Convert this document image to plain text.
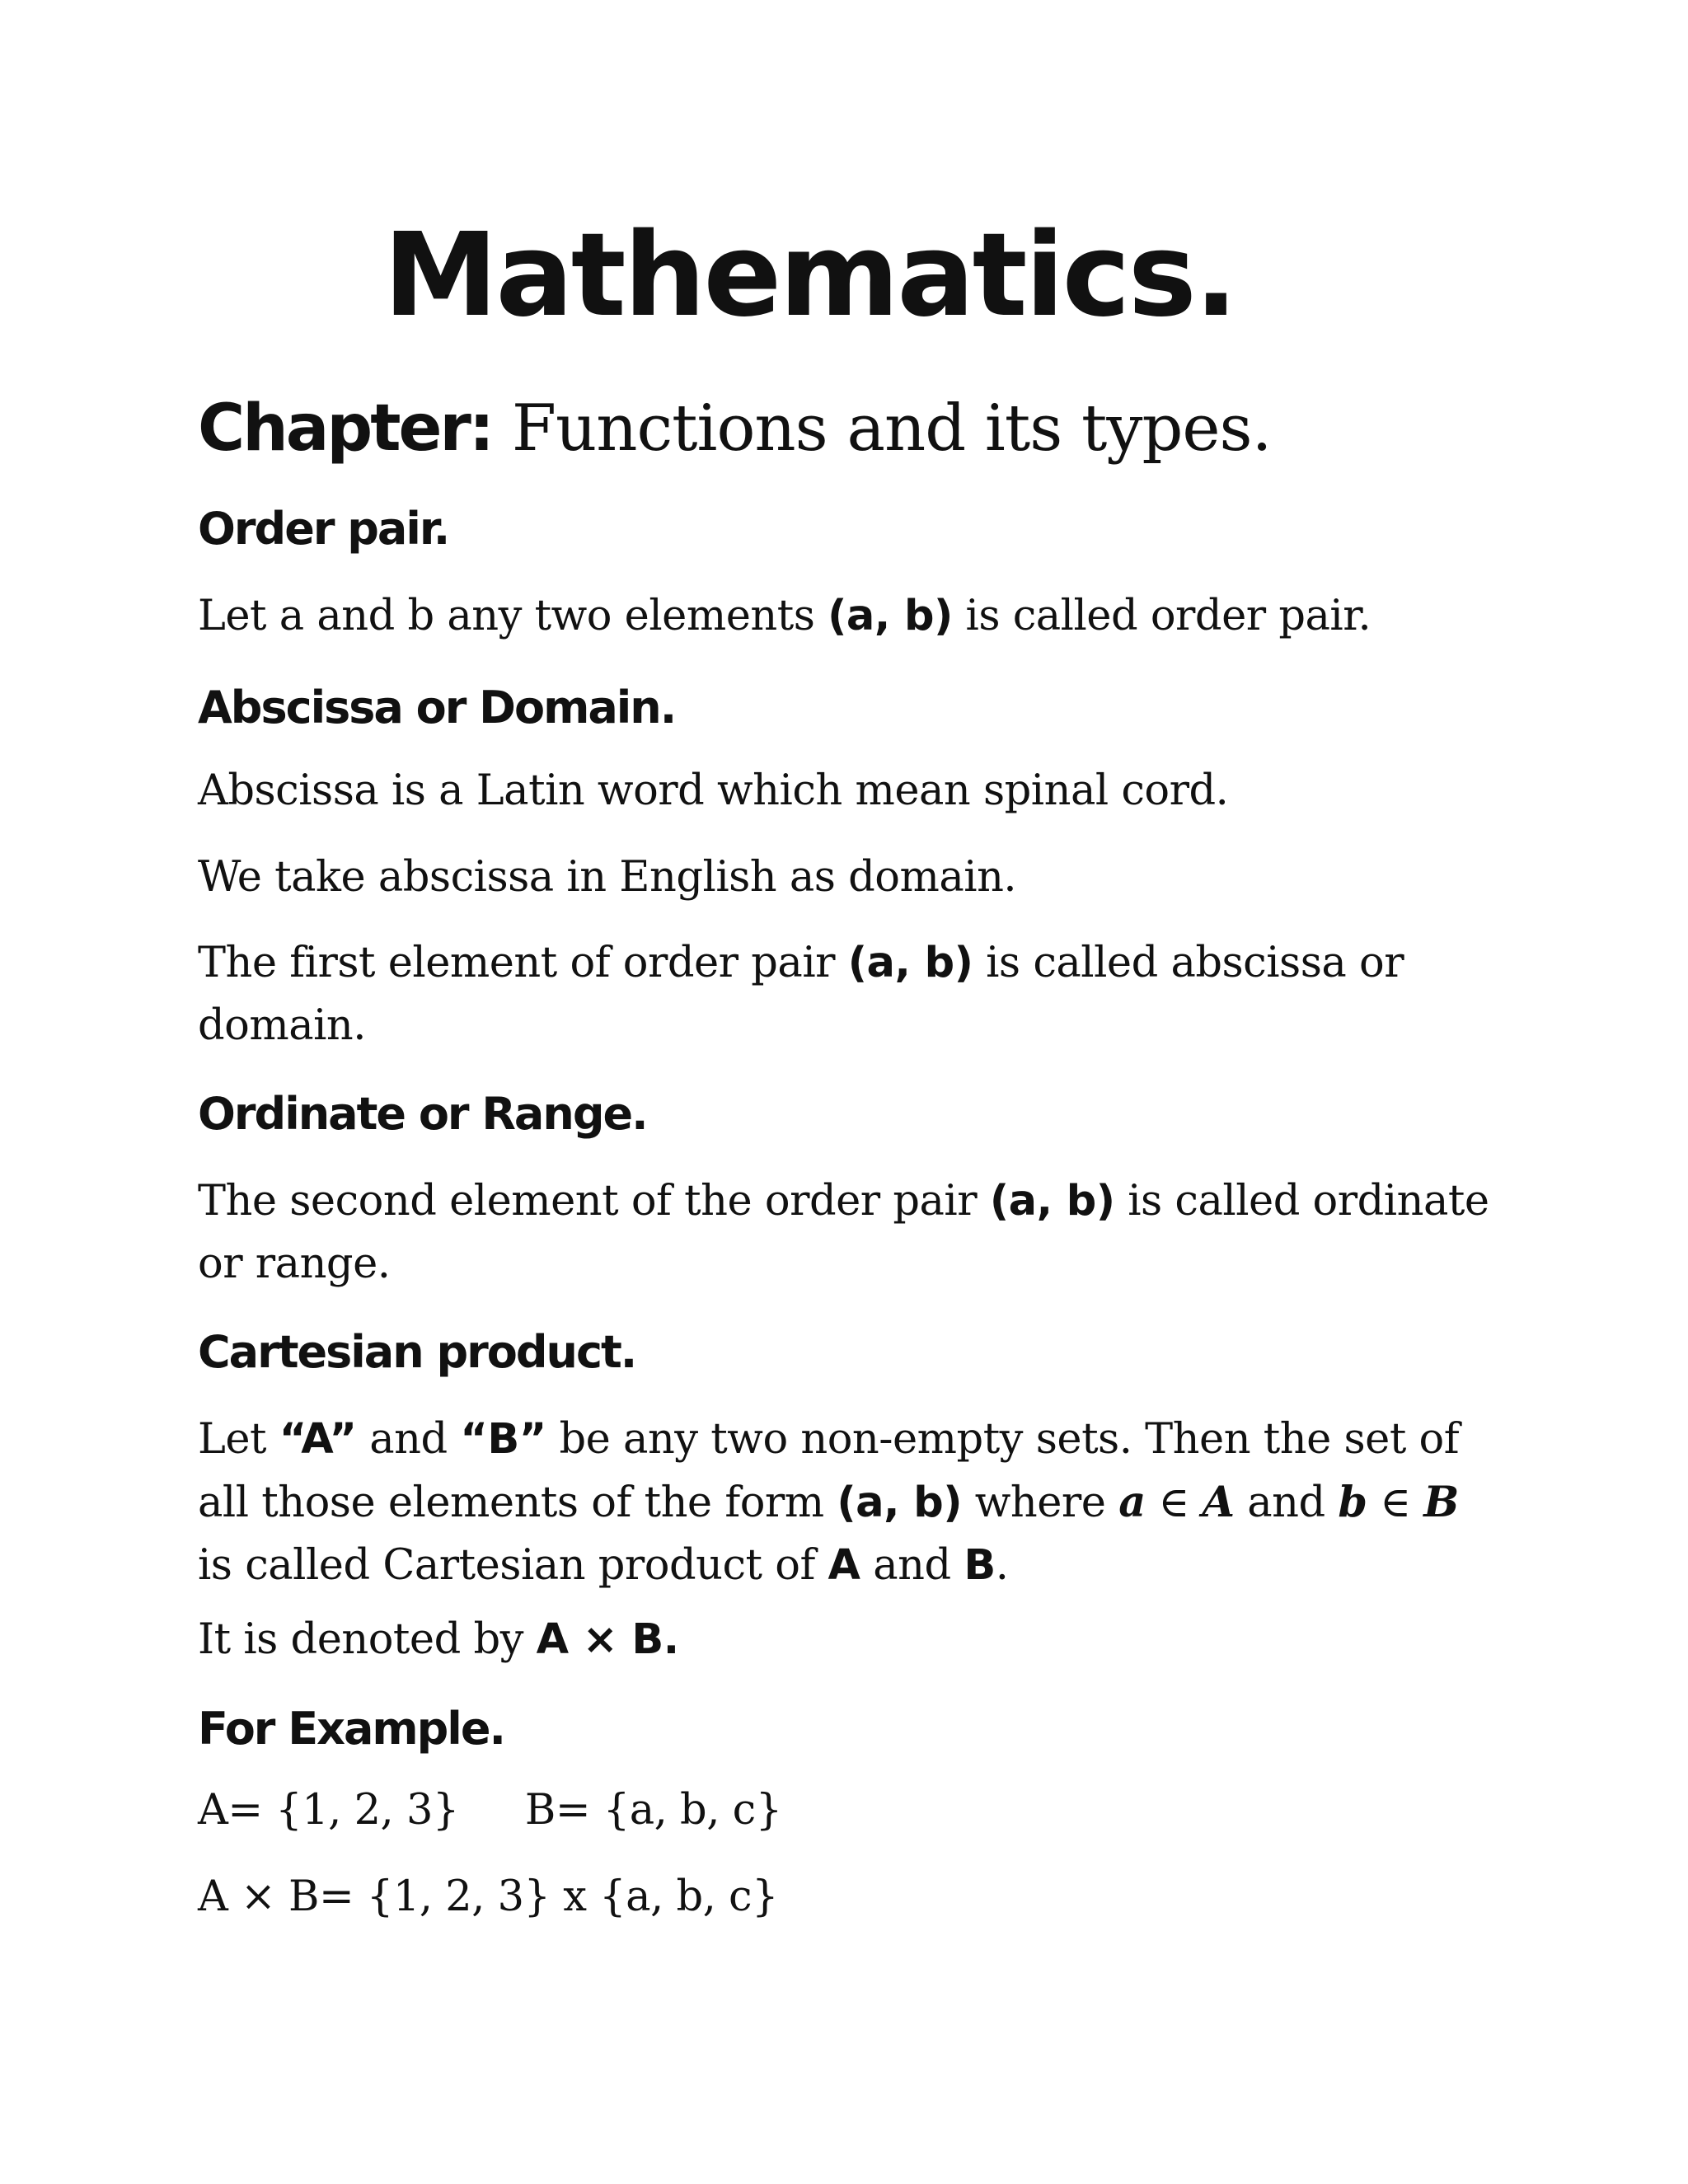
Mathematics.

Chapter: Functions and its types.

Order pair.

Let a and b any two elements (a, b) is called order pair.

Abscissa or Domain.

Abscissa is a Latin word which mean spinal cord.

We take abscissa in English as domain.

The first element of order pair (a, b) is called abscissa or
domain.

Ordinate or Range.

The second element of the order pair (a, b) is called ordinate
or range.

Cartesian product.

Let “A” and “B” be any two non-empty sets. Then the set of
all those elements of the form (a, b) where a ∈ A and b ∈ B
is called Cartesian product of A and B.

It is denoted by A × B.

For Example.

A= {1, 2, 3} B= {a, b, c}

A × B= {1, 2, 3} x {a, b, c}
